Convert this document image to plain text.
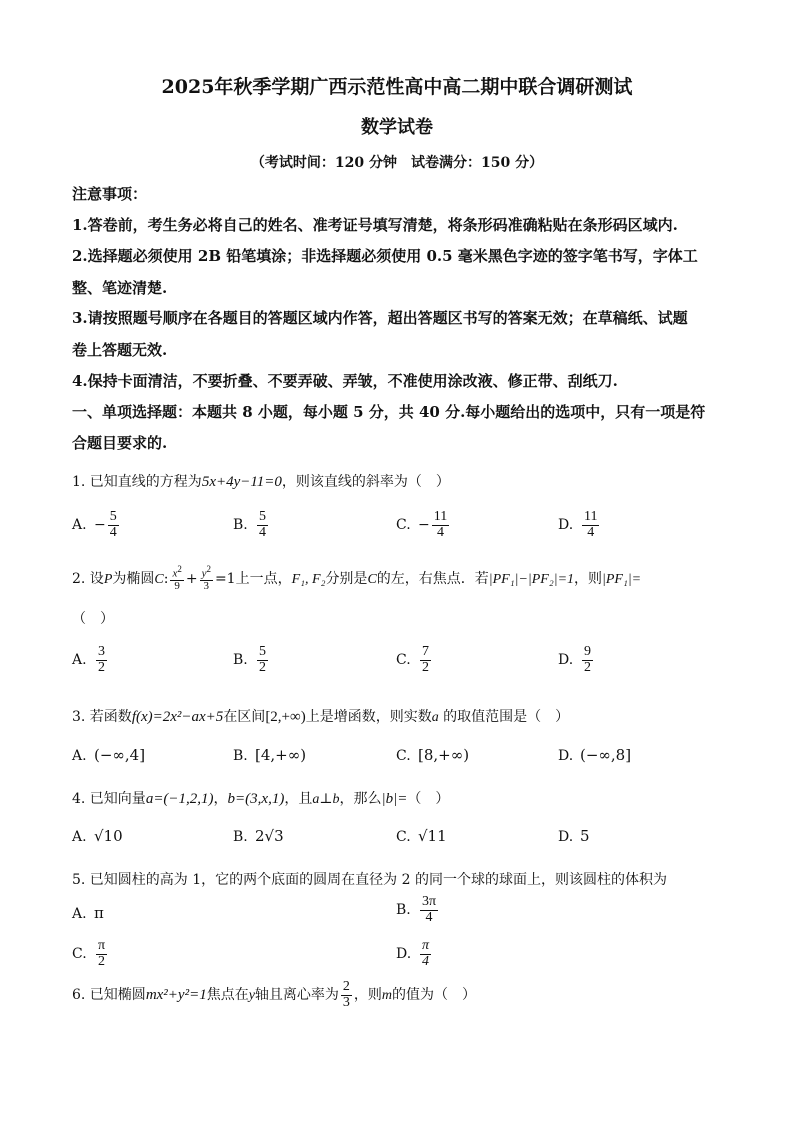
2025年秋季学期广西示范性高中高二期中联合调研测试
数学试卷
（考试时间：120 分钟　试卷满分：150 分）
注意事项：
1.答卷前，考生务必将自己的姓名、准考证号填写清楚，将条形码准确粘贴在条形码区域内.
2.选择题必须使用 2B 铅笔填涂；非选择题必须使用 0.5 毫米黑色字迹的签字笔书写，字体工
整、笔迹清楚.
3.请按照题号顺序在各题目的答题区域内作答，超出答题区书写的答案无效；在草稿纸、试题
卷上答题无效.
4.保持卡面清洁，不要折叠、不要弄破、弄皱，不准使用涂改液、修正带、刮纸刀.
一、单项选择题：本题共 8 小题，每小题 5 分，共 40 分.每小题给出的选项中，只有一项是符
合题目要求的.
1. 已知直线的方程为5x+4y−11=0，则该直线的斜率为（　）
A. − $\frac{5}{4}$	B. $\frac{5}{4}$	C. − $\frac{11}{4}$	D. $\frac{11}{4}$
2. 设P为椭圆C: $\frac{x^2}{9} + \frac{y^2}{3} =1$上一点，F₁, F₂分别是C的左，右焦点．若|PF₁|−|PF₂|=1，则|PF₁|=
（　）
A. $\frac{3}{2}$	B. $\frac{5}{2}$	C. $\frac{7}{2}$	D. $\frac{9}{2}$
3. 若函数f(x)=2x²−ax+5在区间[2,+∞)上是增函数，则实数a 的取值范围是（　）
A. (−∞,4]	B. [4,+∞)	C. [8,+∞)	D. (−∞,8]
4. 已知向量a=(−1,2,1)，b=(3,x,1)，且a⊥b，那么|b|=（　）
A. √10	B. 2√3	C. √11	D. 5
5. 已知圆柱的高为 1，它的两个底面的圆周在直径为 2 的同一个球的球面上，则该圆柱的体积为
A. π	B. $\frac{3\pi}{4}$
C. $\frac{\pi}{2}$	D. $\frac{\pi}{4}$
6. 已知椭圆mx²+y²=1焦点在y轴且离心率为 $\frac{2}{3}$ ，则m的值为（　）
